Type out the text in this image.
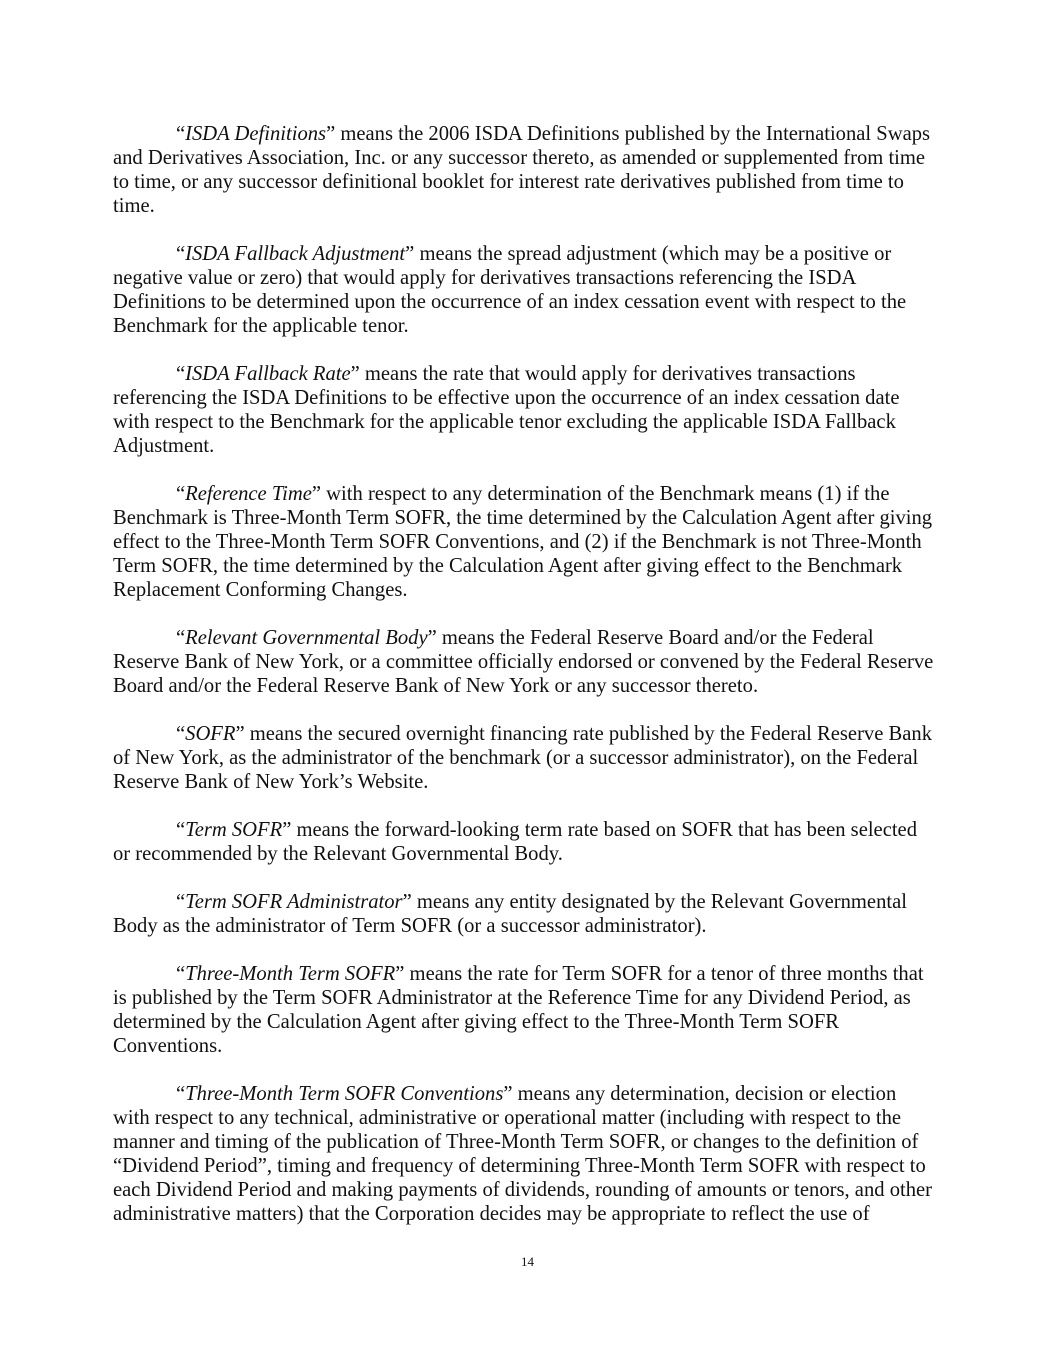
“ISDA Definitions” means the 2006 ISDA Definitions published by the International Swaps and Derivatives Association, Inc. or any successor thereto, as amended or supplemented from time to time, or any successor definitional booklet for interest rate derivatives published from time to time.

“ISDA Fallback Adjustment” means the spread adjustment (which may be a positive or negative value or zero) that would apply for derivatives transactions referencing the ISDA Definitions to be determined upon the occurrence of an index cessation event with respect to the Benchmark for the applicable tenor.

“ISDA Fallback Rate” means the rate that would apply for derivatives transactions referencing the ISDA Definitions to be effective upon the occurrence of an index cessation date with respect to the Benchmark for the applicable tenor excluding the applicable ISDA Fallback Adjustment.

“Reference Time” with respect to any determination of the Benchmark means (1) if the Benchmark is Three-Month Term SOFR, the time determined by the Calculation Agent after giving effect to the Three-Month Term SOFR Conventions, and (2) if the Benchmark is not Three-Month Term SOFR, the time determined by the Calculation Agent after giving effect to the Benchmark Replacement Conforming Changes.

“Relevant Governmental Body” means the Federal Reserve Board and/or the Federal Reserve Bank of New York, or a committee officially endorsed or convened by the Federal Reserve Board and/or the Federal Reserve Bank of New York or any successor thereto.

“SOFR” means the secured overnight financing rate published by the Federal Reserve Bank of New York, as the administrator of the benchmark (or a successor administrator), on the Federal Reserve Bank of New York’s Website.

“Term SOFR” means the forward-looking term rate based on SOFR that has been selected or recommended by the Relevant Governmental Body.

“Term SOFR Administrator” means any entity designated by the Relevant Governmental Body as the administrator of Term SOFR (or a successor administrator).

“Three-Month Term SOFR” means the rate for Term SOFR for a tenor of three months that is published by the Term SOFR Administrator at the Reference Time for any Dividend Period, as determined by the Calculation Agent after giving effect to the Three-Month Term SOFR Conventions.

“Three-Month Term SOFR Conventions” means any determination, decision or election with respect to any technical, administrative or operational matter (including with respect to the manner and timing of the publication of Three-Month Term SOFR, or changes to the definition of “Dividend Period”, timing and frequency of determining Three-Month Term SOFR with respect to each Dividend Period and making payments of dividends, rounding of amounts or tenors, and other administrative matters) that the Corporation decides may be appropriate to reflect the use of

14
